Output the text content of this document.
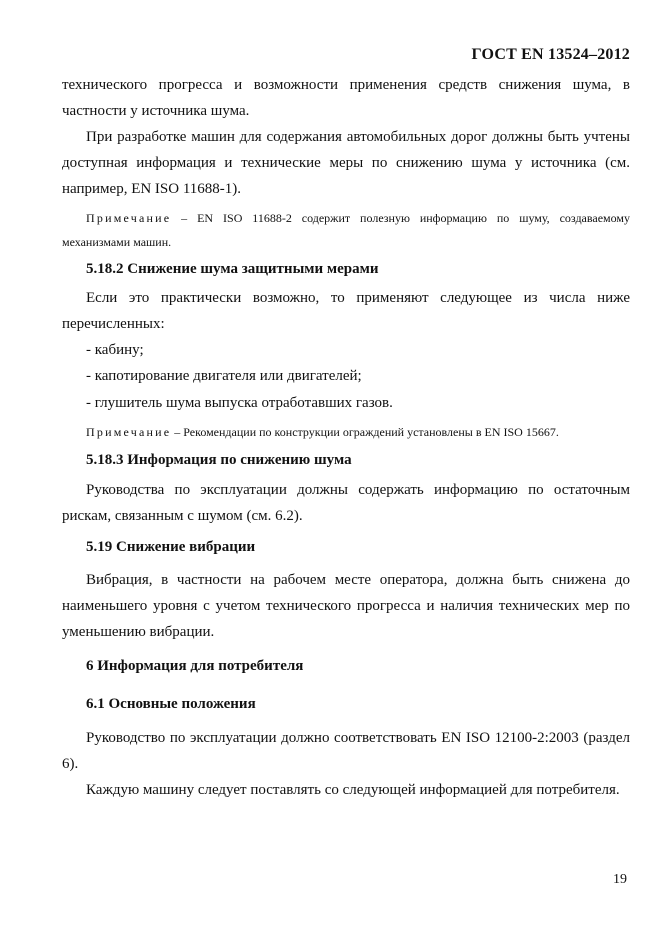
ГОСТ EN 13524–2012

технического прогресса и возможности применения средств снижения шума, в частности у источника шума.

При разработке машин для содержания автомобильных дорог должны быть учтены доступная информация и технические меры по снижению шума у источника (см. например, EN ISO 11688-1).

Примечание – EN ISO 11688-2 содержит полезную информацию по шуму, создаваемому механизмами машин.

5.18.2 Снижение шума защитными мерами

Если это практически возможно, то применяют следующее из числа ниже перечисленных:

- кабину;

- капотирование двигателя или двигателей;

- глушитель шума выпуска отработавших газов.

Примечание – Рекомендации по конструкции ограждений установлены в EN ISO 15667.

5.18.3 Информация по снижению шума

Руководства по эксплуатации должны содержать информацию по остаточным рискам, связанным с шумом (см. 6.2).

5.19 Снижение вибрации

Вибрация, в частности на рабочем месте оператора, должна быть снижена до наименьшего уровня с учетом технического прогресса и наличия технических мер по уменьшению вибрации.

6 Информация для потребителя

6.1 Основные положения

Руководство по эксплуатации должно соответствовать EN ISO 12100-2:2003 (раздел 6).

Каждую машину следует поставлять со следующей информацией для потребителя.

19
